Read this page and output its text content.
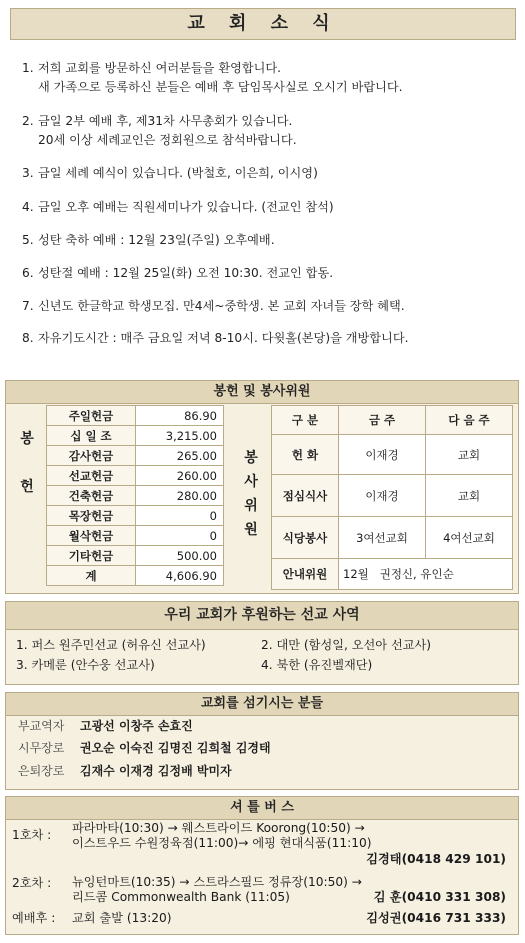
교 회 소 식
1. 저희 교회를 방문하신 여러분들을 환영합니다.
새 가족으로 등록하신 분들은 예배 후 담임목사실로 오시기 바랍니다.
2. 금일 2부 예배 후, 제31차 사무총회가 있습니다.
20세 이상 세례교인은 정회원으로 참석바랍니다.
3. 금일 세례 예식이 있습니다. (박철호, 이은희, 이시영)
4. 금일 오후 예배는 직원세미나가 있습니다. (전교인 참석)
5. 성탄 축하 예배 : 12월 23일(주일) 오후예배.
6. 성탄절 예배 : 12월 25일(화) 오전 10:30. 전교인 합동.
7. 신년도 한글학교 학생모집. 만4세~중학생. 본 교회 자녀들 장학 혜택.
8. 자유기도시간 : 매주 금요일 저녁 8-10시. 다윗홀(본당)을 개방합니다.
봉헌 및 봉사위원
봉
헌
주일헌금	86.90
십 일 조	3,215.00
감사헌금	265.00
선교헌금	260.00
건축헌금	280.00
목장헌금	0
월삭헌금	0
기타헌금	500.00
계	4,606.90
봉
사
위
원
구 분	금 주	다 음 주
헌 화	이재경	교회
점심식사	이재경	교회
식당봉사	3여선교회	4여선교회
안내위원	12월 권정신, 유인순	
우리 교회가 후원하는 선교 사역
1. 퍼스 원주민선교 (허유신 선교사)	2. 대만 (함성일, 오선아 선교사)
3. 카메룬 (안수웅 선교사)	4. 북한 (유진벨재단)
교회를 섬기시는 분들
부교역자 고광선 이창주 손효진
시무장로 권오순 이숙진 김명진 김희철 김경태
은퇴장로 김재수 이재경 김정배 박미자
셔 틀 버 스
1호차 : 파라마타(10:30) → 웨스트라이드 Koorong(10:50) →
이스트우드 수원정육점(11:00)→ 에핑 현대식품(11:10)
김경태(0418 429 101)
2호차 : 뉴잉턴마트(10:35) → 스트라스필드 정류장(10:50) →
리드콤 Commonwealth Bank (11:05)	김 훈(0410 331 308)
예배후 : 교회 출발 (13:20)	김성권(0416 731 333)
